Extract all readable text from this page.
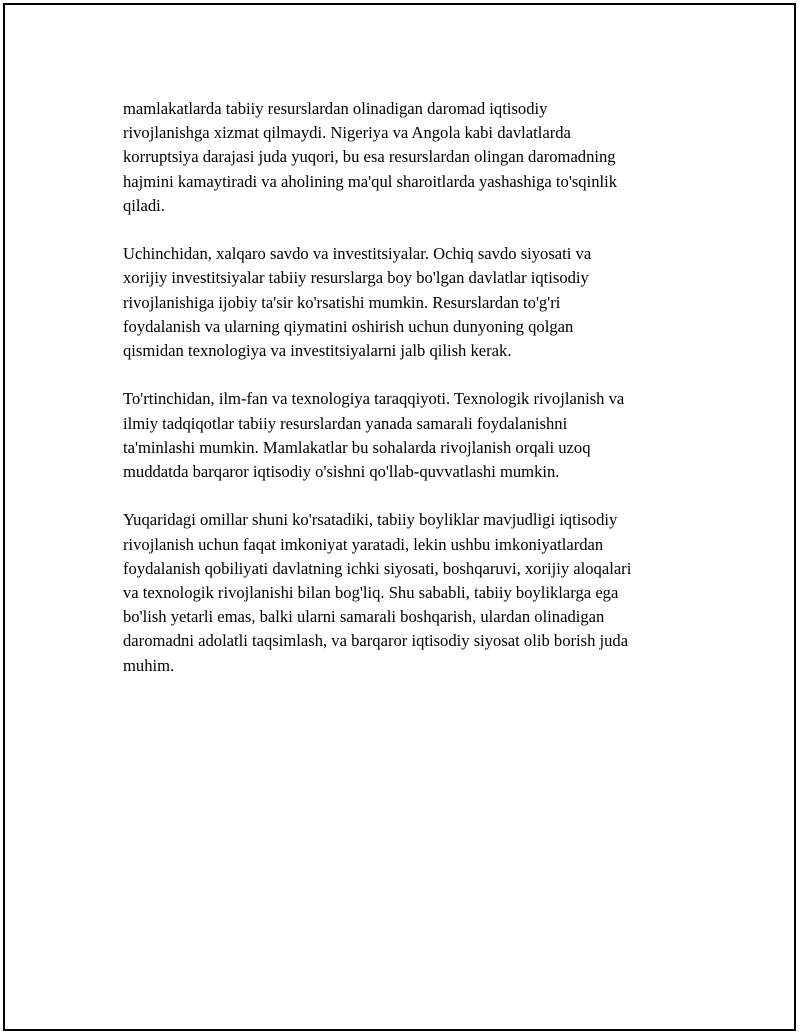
mamlakatlarda tabiiy resurslardan olinadigan daromad iqtisodiy
rivojlanishga xizmat qilmaydi. Nigeriya va Angola kabi davlatlarda
korruptsiya darajasi juda yuqori, bu esa resurslardan olingan daromadning
hajmini kamaytiradi va aholining ma'qul sharoitlarda yashashiga to'sqinlik
qiladi.

Uchinchidan, xalqaro savdo va investitsiyalar. Ochiq savdo siyosati va
xorijiy investitsiyalar tabiiy resurslarga boy bo'lgan davlatlar iqtisodiy
rivojlanishiga ijobiy ta'sir ko'rsatishi mumkin. Resurslardan to'g'ri
foydalanish va ularning qiymatini oshirish uchun dunyoning qolgan
qismidan texnologiya va investitsiyalarni jalb qilish kerak.

To'rtinchidan, ilm-fan va texnologiya taraqqiyoti. Texnologik rivojlanish va
ilmiy tadqiqotlar tabiiy resurslardan yanada samarali foydalanishni
ta'minlashi mumkin. Mamlakatlar bu sohalarda rivojlanish orqali uzoq
muddatda barqaror iqtisodiy o'sishni qo'llab-quvvatlashi mumkin.

Yuqaridagi omillar shuni ko'rsatadiki, tabiiy boyliklar mavjudligi iqtisodiy
rivojlanish uchun faqat imkoniyat yaratadi, lekin ushbu imkoniyatlardan
foydalanish qobiliyati davlatning ichki siyosati, boshqaruvi, xorijiy aloqalari
va texnologik rivojlanishi bilan bog'liq. Shu sababli, tabiiy boyliklarga ega
bo'lish yetarli emas, balki ularni samarali boshqarish, ulardan olinadigan
daromadni adolatli taqsimlash, va barqaror iqtisodiy siyosat olib borish juda
muhim.
